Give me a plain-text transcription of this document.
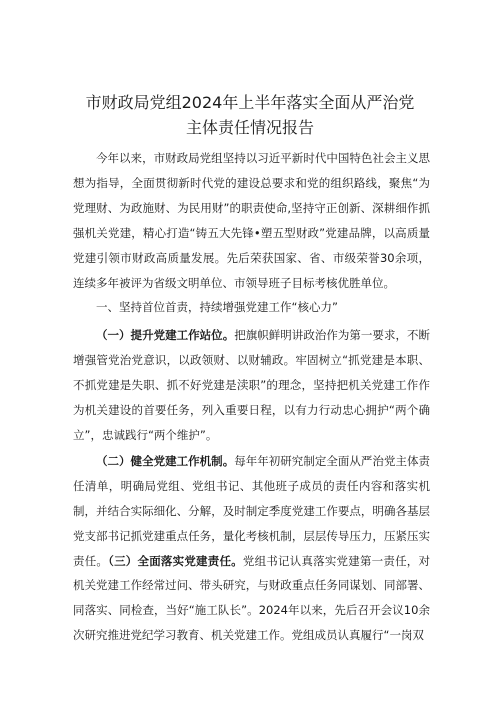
市财政局党组2024年上半年落实全面从严治党
主体责任情况报告

今年以来，市财政局党组坚持以习近平新时代中国特色社会主义思想为指导，全面贯彻新时代党的建设总要求和党的组织路线，聚焦“为党理财、为政施财、为民用财”的职责使命,坚持守正创新、深耕细作抓强机关党建，精心打造“铸五大先锋•塑五型财政”党建品牌，以高质量党建引领市财政高质量发展。先后荣获国家、省、市级荣誉30余项，连续多年被评为省级文明单位、市领导班子目标考核优胜单位。

一、坚持首位首责，持续增强党建工作“核心力”

（一）提升党建工作站位。把旗帜鲜明讲政治作为第一要求，不断增强管党治党意识，以政领财、以财辅政。牢固树立“抓党建是本职、不抓党建是失职、抓不好党建是渎职”的理念，坚持把机关党建工作作为机关建设的首要任务，列入重要日程，以有力行动忠心拥护“两个确立”，忠诚践行“两个维护”。

（二）健全党建工作机制。每年年初研究制定全面从严治党主体责任清单，明确局党组、党组书记、其他班子成员的责任内容和落实机制，并结合实际细化、分解，及时制定季度党建工作要点，明确各基层党支部书记抓党建重点任务，量化考核机制，层层传导压力，压紧压实责任。（三）全面落实党建责任。党组书记认真落实党建第一责任，对机关党建工作经常过问、带头研究，与财政重点任务同谋划、同部署、同落实、同检查，当好“施工队长”。2024年以来，先后召开会议10余次研究推进党纪学习教育、机关党建工作。党组成员认真履行“一岗双
